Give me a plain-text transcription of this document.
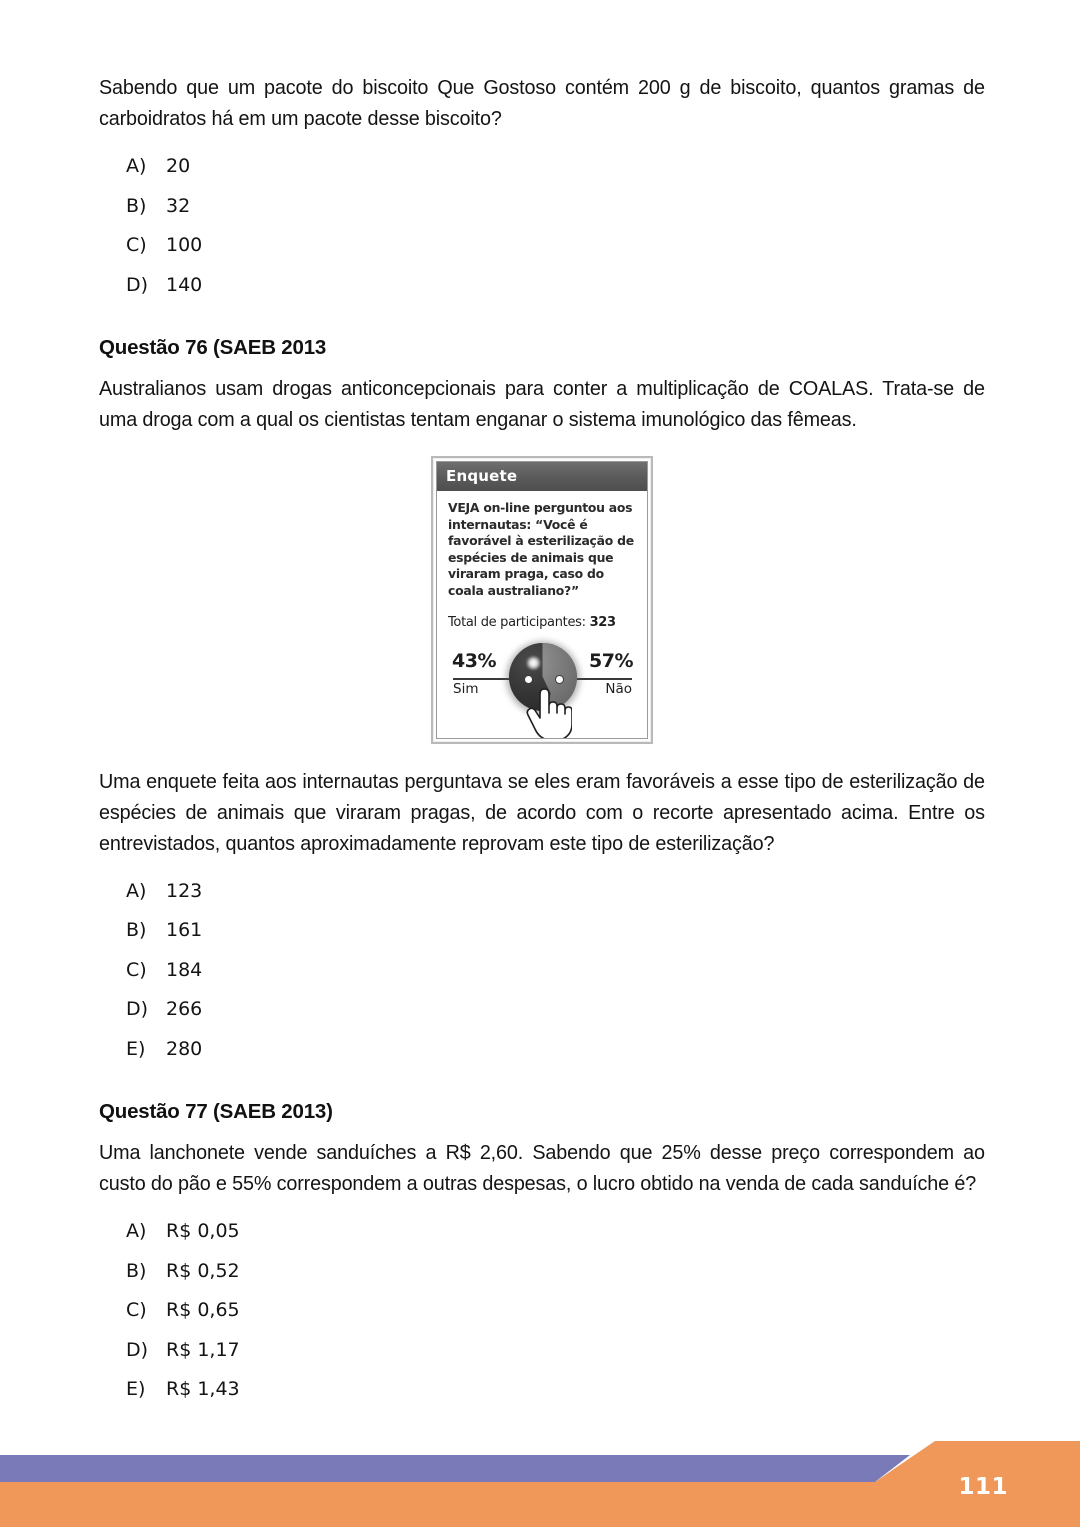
Sabendo que um pacote do biscoito Que Gostoso contém 200 g de biscoito, quantos gramas de carboidratos há em um pacote desse biscoito?

A)	20
B)	32
C)	100
D) 140
Questão 76 (SAEB 2013

Australianos usam drogas anticoncepcionais para conter a multiplicação de COALAS. Trata-se de uma droga com a qual os cientistas tentam enganar o sistema imunológico das fêmeas.

Enquete

VEJA on-line perguntou aos internautas: “Você é favorável à esterilização de espécies de animais que viraram praga, caso do coala australiano?”

Total de participantes: 323

43%
Sim
57%
Não

Uma enquete feita aos internautas perguntava se eles eram favoráveis a esse tipo de esterilização de espécies de animais que viraram pragas, de acordo com o recorte apresentado acima. Entre os entrevistados, quantos aproximadamente reprovam este tipo de esterilização?

A)	123
B)	161
C)	184
D) 266
E)	280
Questão 77 (SAEB 2013)

Uma lanchonete vende sanduíches a R$ 2,60. Sabendo que 25% desse preço correspondem ao custo do pão e 55% correspondem a outras despesas, o lucro obtido na venda de cada sanduíche é?

A)	R$ 0,05
B)	R$ 0,52
C)	R$ 0,65
D) R$ 1,17
E)	R$ 1,43
111
